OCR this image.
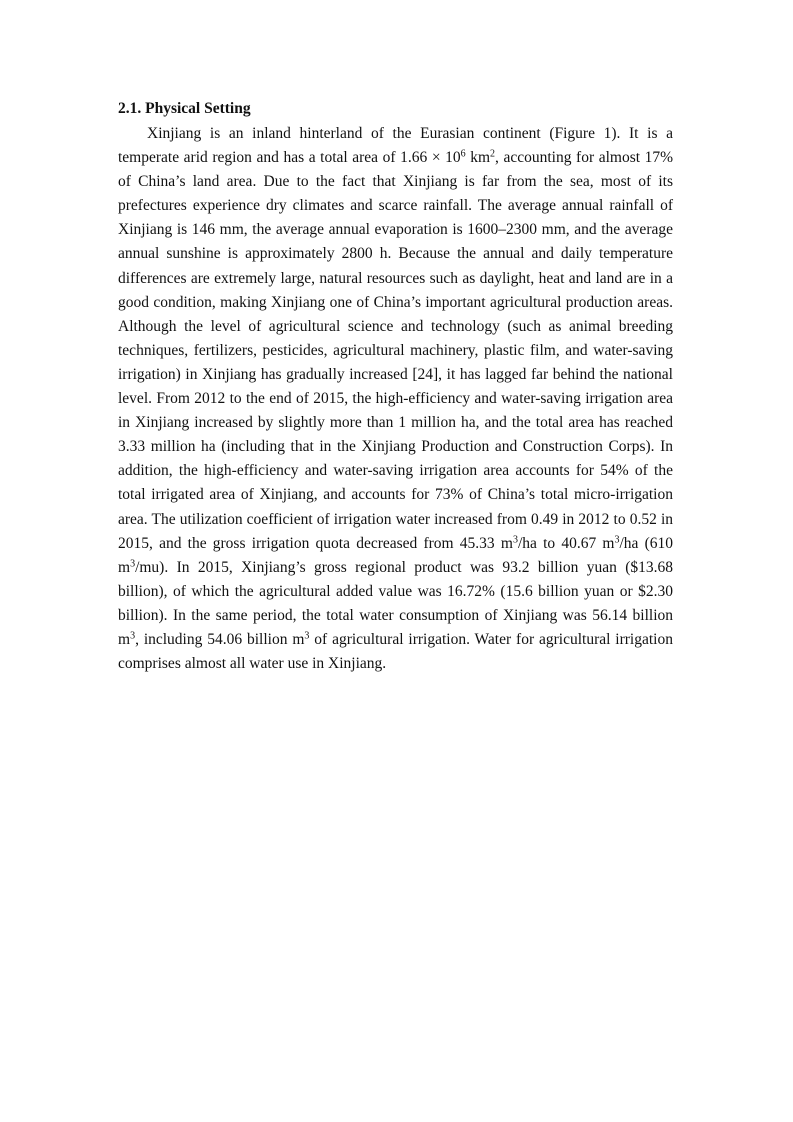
2.1. Physical Setting

Xinjiang is an inland hinterland of the Eurasian continent (Figure 1). It is a temperate arid region and has a total area of $1.66 \times 10^6$ $km^2$, accounting for almost 17% of China’s land area. Due to the fact that Xinjiang is far from the sea, most of its prefectures experience dry climates and scarce rainfall. The average annual rainfall of Xinjiang is 146 mm, the average annual evaporation is 1600–2300 mm, and the average annual sunshine is approximately 2800 h. Because the annual and daily temperature differences are extremely large, natural resources such as daylight, heat and land are in a good condition, making Xinjiang one of China’s important agricultural production areas. Although the level of agricultural science and technology (such as animal breeding techniques, fertilizers, pesticides, agricultural machinery, plastic film, and water-saving irrigation) in Xinjiang has gradually increased [24], it has lagged far behind the national level. From 2012 to the end of 2015, the high-efficiency and water-saving irrigation area in Xinjiang increased by slightly more than 1 million ha, and the total area has reached 3.33 million ha (including that in the Xinjiang Production and Construction Corps). In addition, the high-efficiency and water-saving irrigation area accounts for 54% of the total irrigated area of Xinjiang, and accounts for 73% of China’s total micro-irrigation area. The utilization coefficient of irrigation water increased from 0.49 in 2012 to 0.52 in 2015, and the gross irrigation quota decreased from 45.33 $m^3/ha$ to 40.67 $m^3/ha$ (610 $m^3/mu$). In 2015, Xinjiang’s gross regional product was 93.2 billion yuan ($13.68 billion), of which the agricultural added value was 16.72% (15.6 billion yuan or $2.30 billion). In the same period, the total water consumption of Xinjiang was 56.14 billion $m^3$, including 54.06 billion $m^3$ of agricultural irrigation. Water for agricultural irrigation comprises almost all water use in Xinjiang.
